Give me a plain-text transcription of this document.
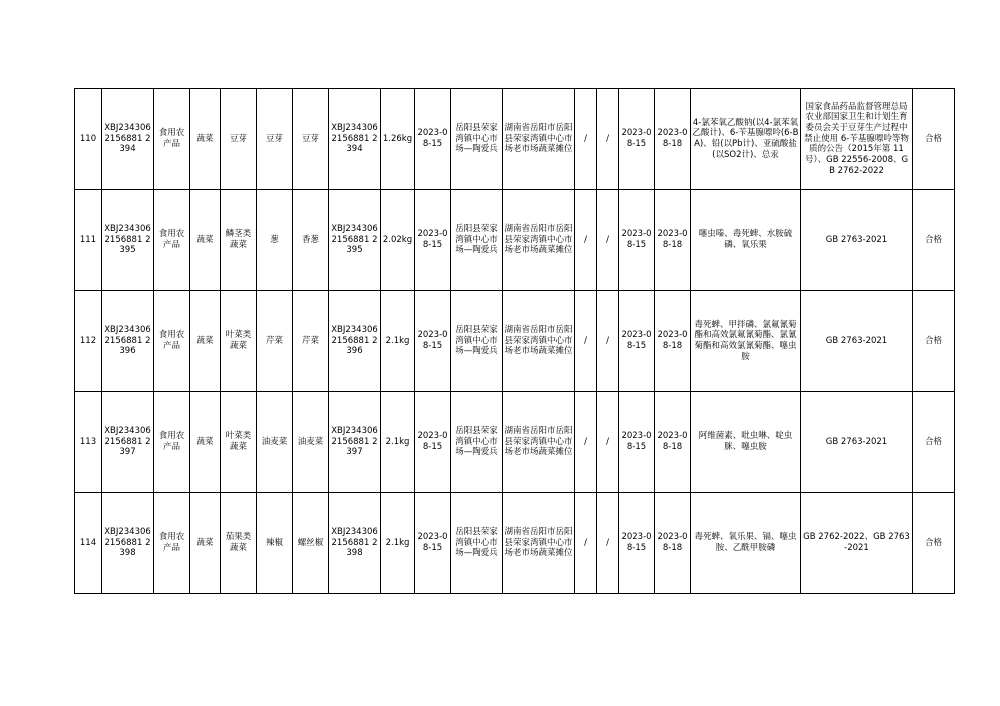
110	XBJ2343062156881 2394	食用农产品	蔬菜	豆芽	豆芽	豆芽	XBJ2343062156881 2394	1.26kg	2023-08-15	岳阳县荣家湾镇中心市场—陶爱兵	湖南省岳阳市岳阳县荣家湾镇中心市场老市场蔬菜摊位	/	/	2023-08-15	2023-08-18	4-氯苯氧乙酸钠(以4-氯苯氧乙酸计)、6-苄基腺嘌呤(6-BA)、铅(以Pb计)、亚硫酸盐(以SO2计)、总汞	国家食品药品监督管理总局 农业部国家卫生和计划生育委员会关于豆芽生产过程中禁止使用 6-苄基腺嘌呤等物质的公告（2015年第 11 号）、GB 22556-2008、GB 2762-2022	合格
111	XBJ2343062156881 2395	食用农产品	蔬菜	鳞茎类蔬菜	葱	香葱	XBJ2343062156881 2395	2.02kg	2023-08-15	岳阳县荣家湾镇中心市场—陶爱兵	湖南省岳阳市岳阳县荣家湾镇中心市场老市场蔬菜摊位	/	/	2023-08-15	2023-08-18	噻虫嗪、毒死蜱、水胺硫磷、氧乐果	GB 2763-2021	合格
112	XBJ2343062156881 2396	食用农产品	蔬菜	叶菜类蔬菜	芹菜	芹菜	XBJ2343062156881 2396	2.1kg	2023-08-15	岳阳县荣家湾镇中心市场—陶爱兵	湖南省岳阳市岳阳县荣家湾镇中心市场老市场蔬菜摊位	/	/	2023-08-15	2023-08-18	毒死蜱、甲拌磷、氯氟氰菊酯和高效氯氟氰菊酯、氯氰菊酯和高效氯氰菊酯、噻虫胺	GB 2763-2021	合格
113	XBJ2343062156881 2397	食用农产品	蔬菜	叶菜类蔬菜	油麦菜	油麦菜	XBJ2343062156881 2397	2.1kg	2023-08-15	岳阳县荣家湾镇中心市场—陶爱兵	湖南省岳阳市岳阳县荣家湾镇中心市场老市场蔬菜摊位	/	/	2023-08-15	2023-08-18	阿维菌素、吡虫啉、啶虫脒、噻虫胺	GB 2763-2021	合格
114	XBJ2343062156881 2398	食用农产品	蔬菜	茄果类蔬菜	辣椒	螺丝椒	XBJ2343062156881 2398	2.1kg	2023-08-15	岳阳县荣家湾镇中心市场—陶爱兵	湖南省岳阳市岳阳县荣家湾镇中心市场老市场蔬菜摊位	/	/	2023-08-15	2023-08-18	毒死蜱、氧乐果、镉、噻虫胺、乙酰甲胺磷	GB 2762-2022、GB 2763-2021	合格
